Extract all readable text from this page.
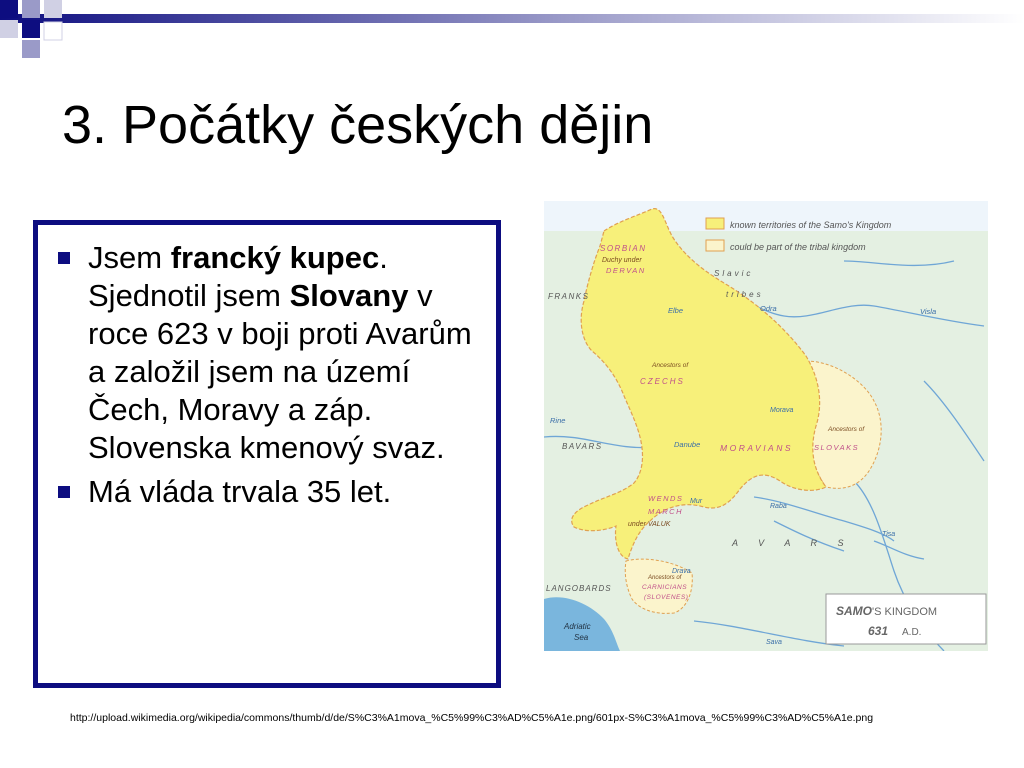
3. Počátky českých dějin
Jsem francký kupec. Sjednotil jsem Slovany v roce 623 v boji proti Avarům a založil jsem na území Čech, Moravy a záp. Slovenska kmenový svaz.
Má vláda trvala 35 let.
SORBIAN
Duchy under
DERVAN	Slavic
tribes
FRANKS
Elbe	Odra	Visla
Ancestors of
CZECHS
Morava
Rine
BAVARS	Danube MORAVIANS
Ancestors of
SLOVAKS
WENDS Mur
MARCH
under VALUK
Raba
A V A R S
Tisa
Drava
LANGOBARDS
Ancestors of
CARNICIANS
(SLOVENES)
Adriatic
Sea
Sava
known territories of the Samo's Kingdom
could be part of the tribal kingdom
SAMO 'S KINGDOM
631 A.D.
http://upload.wikimedia.org/wikipedia/commons/thumb/d/de/S%C3%A1mova_%C5%99%C3%AD%C5%A1e.png/601px-S%C3%A1mova_%C5%99%C3%AD%C5%A1e.png
